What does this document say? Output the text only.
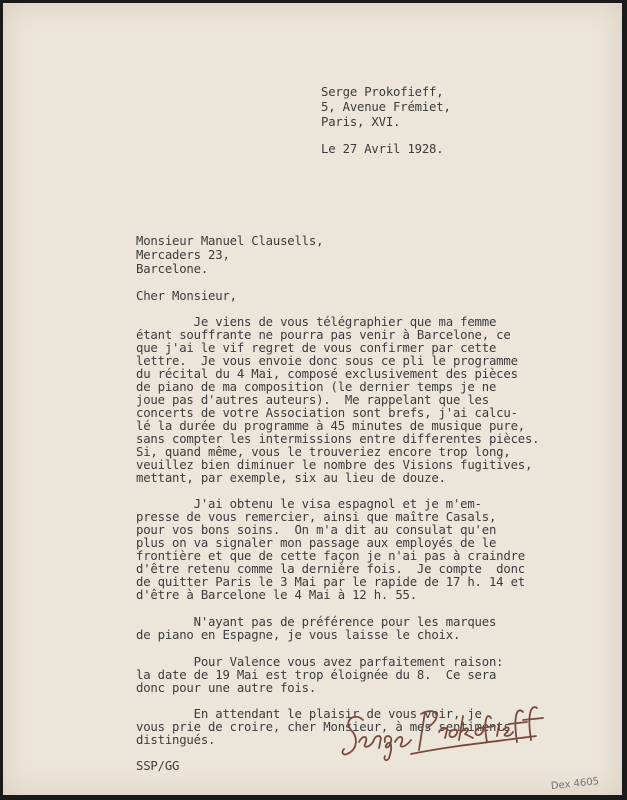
Serge Prokofieff,

5, Avenue Frémiet,

Paris, XVI.

Le 27 Avril 1928.

Monsieur Manuel Clausells,

Mercaders 23,

Barcelone.

Cher Monsieur,

Je viens de vous télégraphier que ma femme

étant souffrante ne pourra pas venir à Barcelone, ce

que j'ai le vif regret de vous confirmer par cette

lettre.  Je vous envoie donc sous ce pli le programme

du récital du 4 Mai, composé exclusivement des pièces

de piano de ma composition (le dernier temps je ne

joue pas d'autres auteurs).  Me rappelant que les

concerts de votre Association sont brefs, j'ai calcu-

lé la durée du programme à 45 minutes de musique pure,

sans compter les intermissions entre differentes pièces.

Si, quand même, vous le trouveriez encore trop long,

veuillez bien diminuer le nombre des Visions fugitives,

mettant, par exemple, six au lieu de douze.

J'ai obtenu le visa espagnol et je m'em-

presse de vous remercier, ainsi que maître Casals,

pour vos bons soins.  On m'a dit au consulat qu'en

plus on va signaler mon passage aux employés de le

frontière et que de cette façon je n'ai pas à craindre

d'être retenu comme la dernière fois.  Je compte  donc

de quitter Paris le 3 Mai par le rapide de 17 h. 14 et

d'être à Barcelone le 4 Mai à 12 h. 55.

N'ayant pas de préférence pour les marques

de piano en Espagne, je vous laisse le choix.

Pour Valence vous avez parfaitement raison:

la date de 19 Mai est trop éloignée du 8.  Ce sera

donc pour une autre fois.

En attendant le plaisir de vous voir, je

vous prie de croire, cher Monsieur, à mes sentiments

distingués.

SSP/GG

Dex 4605
